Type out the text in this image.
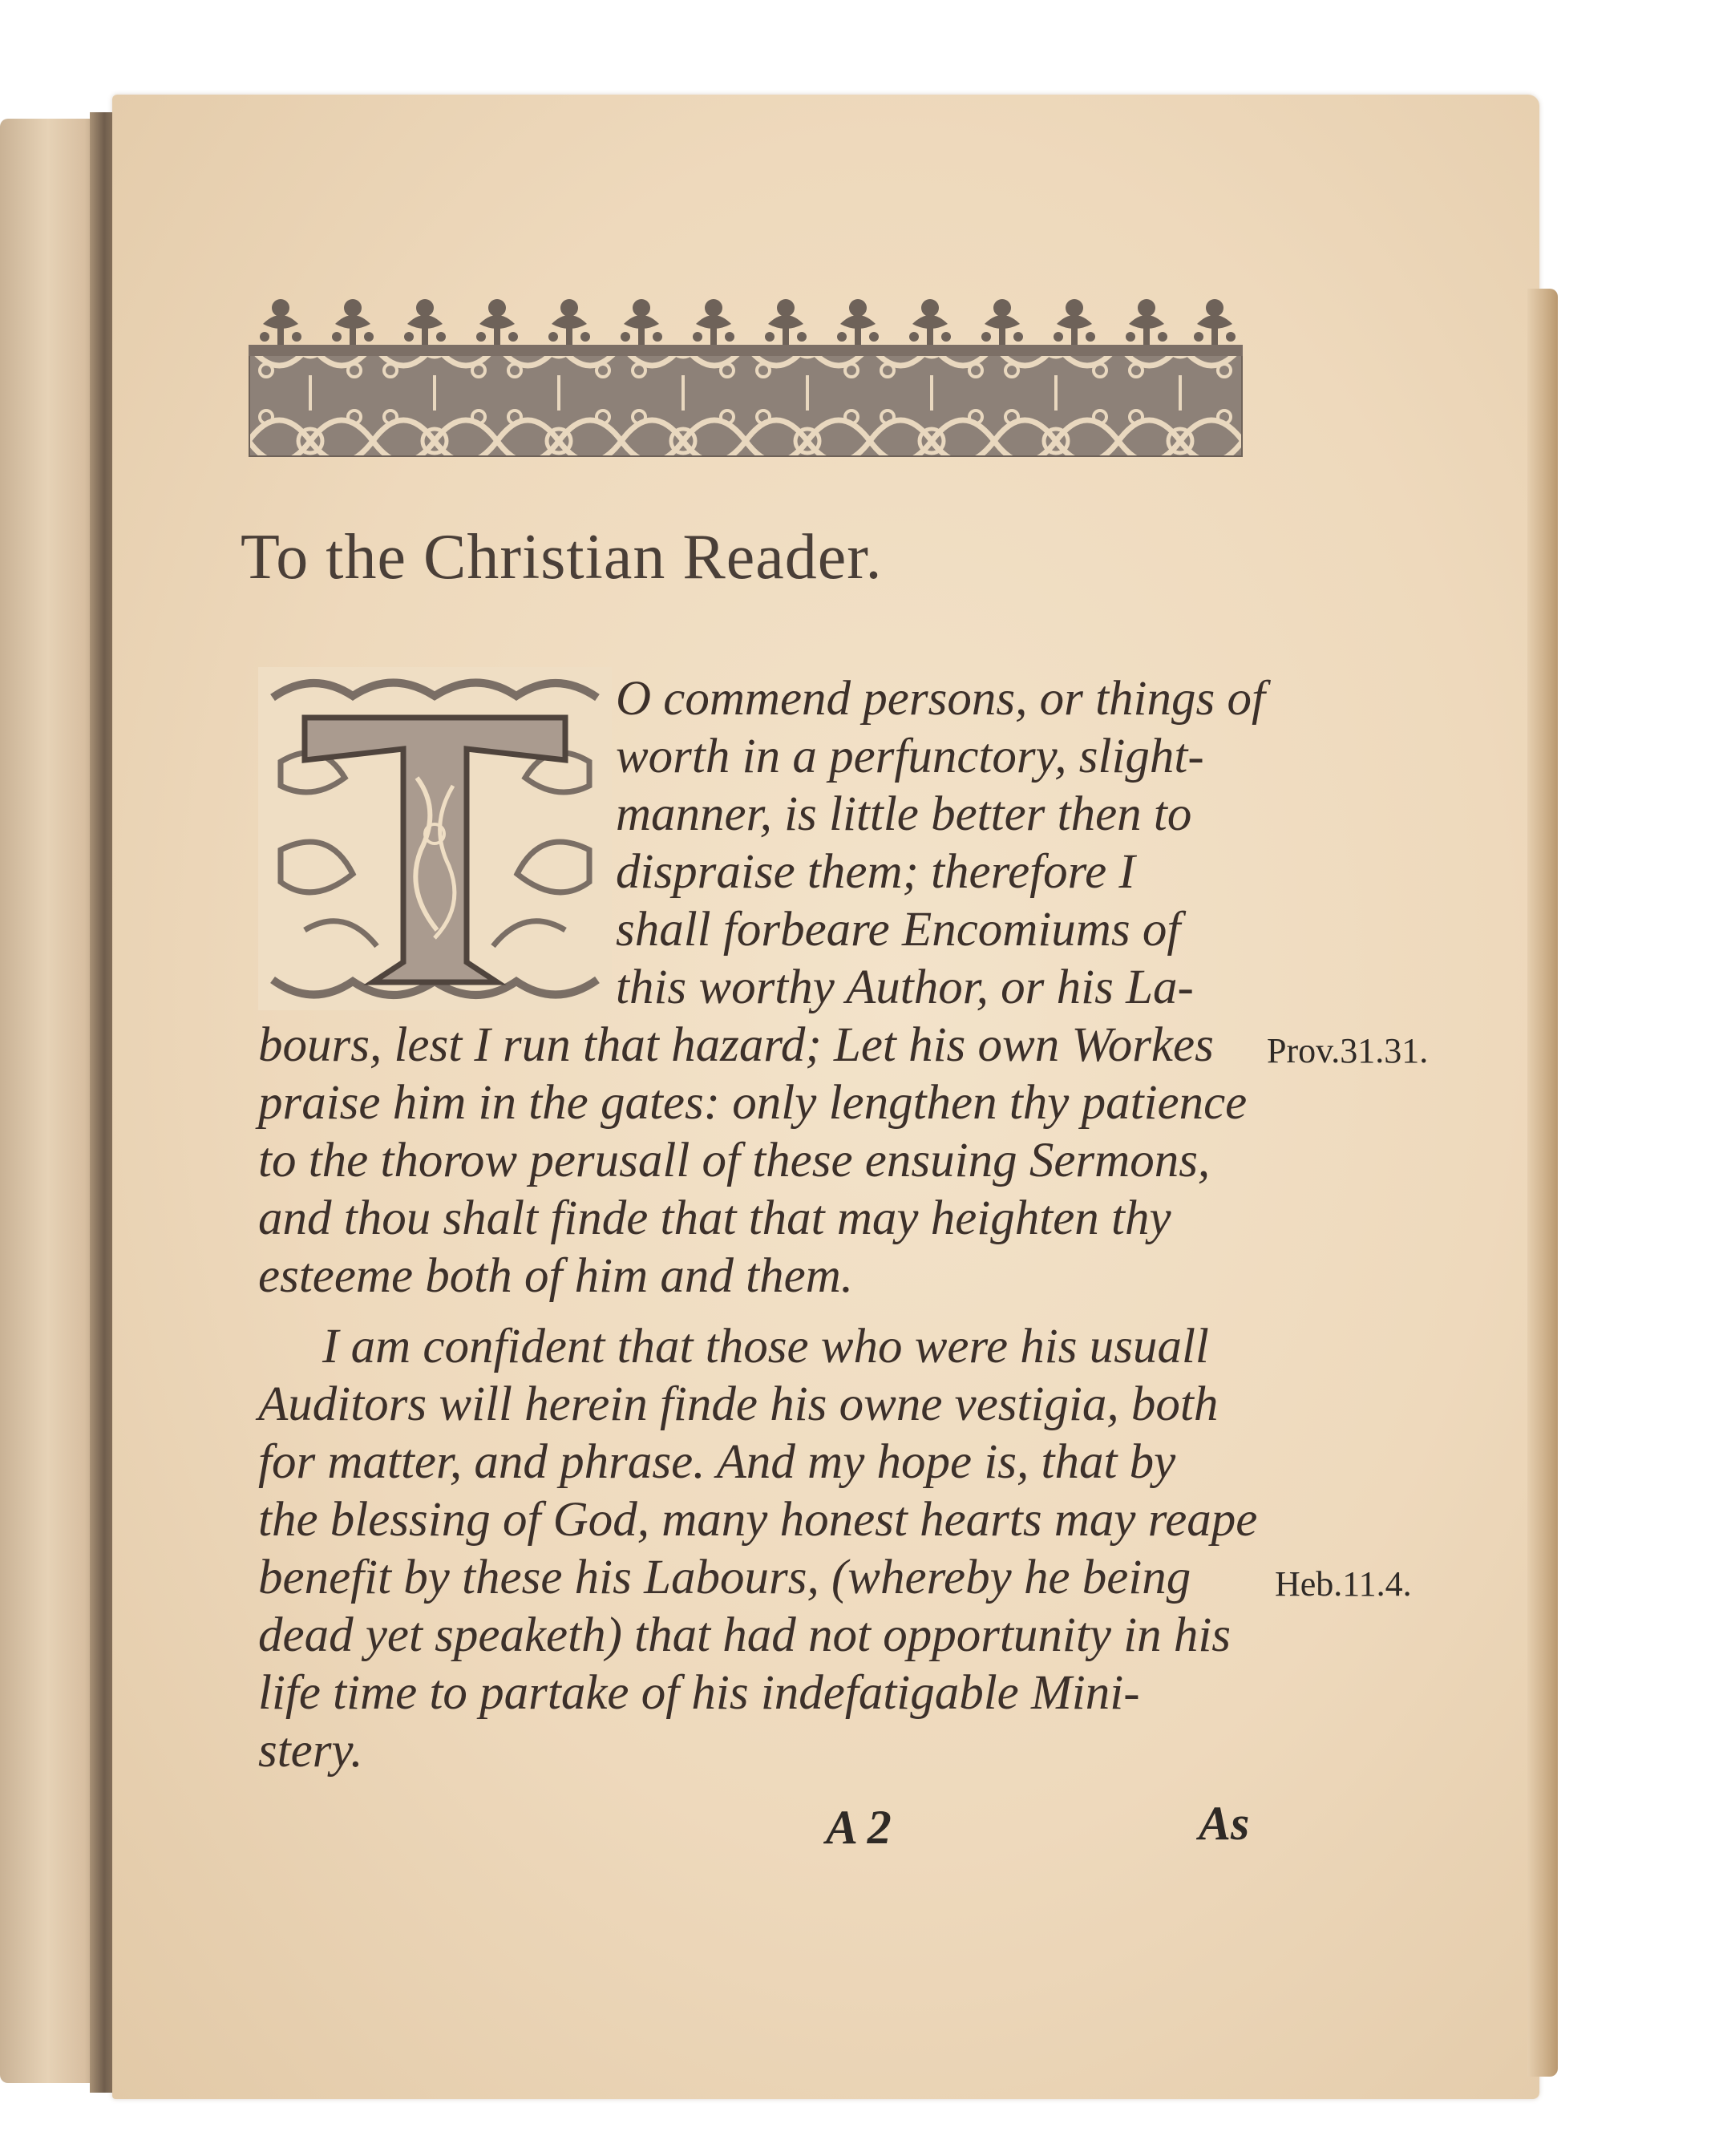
To the Christian Reader.

O commend persons, or things of

worth in a perfunctory, slight-

manner, is little better then to

dispraise them; therefore I

shall forbeare Encomiums of

this worthy Author, or his La-

bours, lest I run that hazard; Let his own Workes

praise him in the gates: only lengthen thy patience

to the thorow perusall of these ensuing Sermons,

and thou shalt finde that that may heighten thy

esteeme both of him and them.

I am confident that those who were his usuall

Auditors will herein finde his owne vestigia, both

for matter, and phrase. And my hope is, that by

the blessing of God, many honest hearts may reape

benefit by these his Labours, (whereby he being

dead yet speaketh) that had not opportunity in his

life time to partake of his indefatigable Mini-

stery.

Prov.31.31.

Heb.11.4.

A 2	As
